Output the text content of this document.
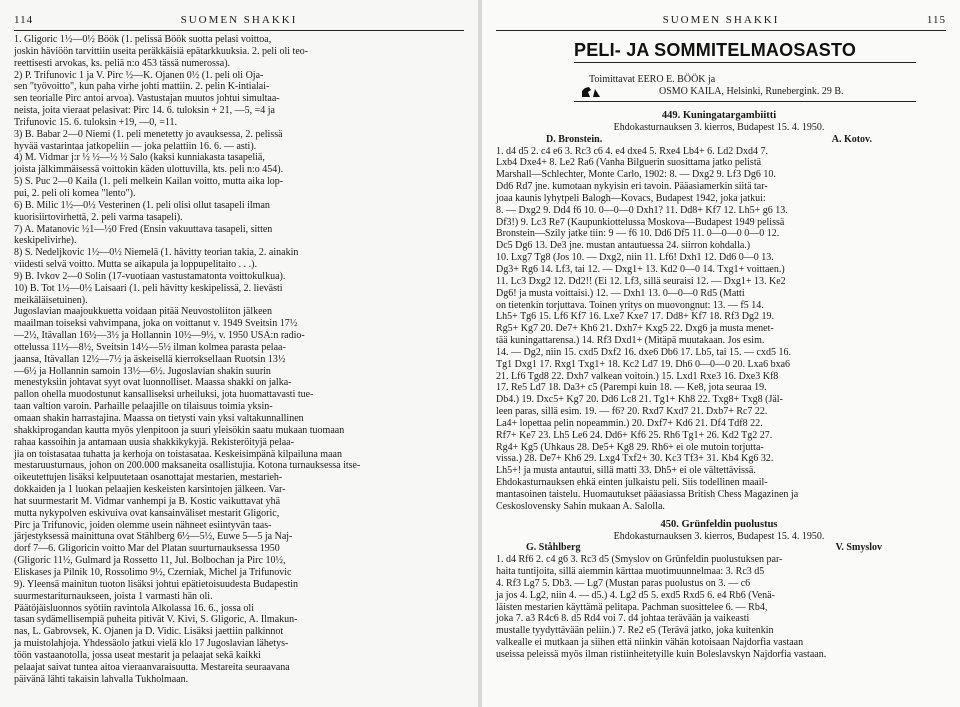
114	SUOMEN SHAKKI

1. Gligoric 1½—0½ Böök (1. pelissä Böök suotta pelasi voittoa,

joskin häviöön tarvittiin useita peräkkäisiä epätarkkuuksia. 2. peli oli teo-

reettisesti arvokas, ks. peliä n:o 453 tässä numerossa).

2) P. Trifunovic 1 ja V. Pirc ½—K. Ojanen 0½ (1. peli oli Oja-

sen "työvoitto", kun paha virhe johti mattiin. 2. pelin K-intialai-

sen teorialle Pirc antoi arvoa). Vastustajan muutos johtui simultaa-

neista, joita vieraat pelasivat: Pirc 14. 6. tuloksin + 21, —5, =4 ja

Trifunovic 15. 6. tuloksin +19, —0, =11.

3) B. Babar 2—0 Niemi (1. peli menetetty jo avauksessa, 2. pelissä

hyvää vastarintaa jatkopeliin — joka pelattiin 16. 6. — asti).

4) M. Vidmar j:r ½ ½—½ ½ Salo (kaksi kunniakasta tasapeliä,

joista jälkimmäisessä voittokin käden ulottuvilla, kts. peli n:o 454).

5) S. Puc 2—0 Kaila (1. peli melkein Kailan voitto, mutta aika lop-

pui, 2. peli oli komea "lento").

6) B. Milic 1½—0½ Vesterinen (1. peli olisi ollut tasapeli ilman

kuorisiirtovirhettä, 2. peli varma tasapeli).

7) A. Matanovic ½1—½0 Fred (Ensin vakuuttava tasapeli, sitten

keskipelivirhe).

8) S. Nedeljkovic 1½—0½ Niemelä (1. hävitty teorian takia, 2. ainakin

viidesti selvä voitto. Mutta se aikapula ja loppupelitaito . . .).

9) B. Ivkov 2—0 Solin (17-vuotiaan vastustamatonta voittokulkua).

10) B. Tot 1½—0½ Laisaari (1. peli hävitty keskipelissä, 2. lievästi

meikäläisetuinen).

Jugoslavian maajoukkuetta voidaan pitää Neuvostoliiton jälkeen

maailman toiseksi vahvimpana, joka on voittanut v. 1949 Sveitsin 17½

—2½, Itävallan 16½—3½ ja Hollannin 10½—9½, v. 1950 USA:n radio-

ottelussa 11½—8½, Sveitsin 14½—5½ ilman kolmea parasta pelaa-

jaansa, Itävallan 12½—7½ ja äskeisellä kierroksellaan Ruotsin 13½

—6½ ja Hollannin samoin 13½—6½. Jugoslavian shakin suurin

menestyksiin johtavat syyt ovat luonnolliset. Maassa shakki on jalka-

pallon ohella muodostunut kansalliseksi urheiluksi, jota huomattavasti tue-

taan valtion varoin. Parhaille pelaajille on tilaisuus toimia yksin-

omaan shakin harrastajina. Maassa on tietysti vain yksi valtakunnallinen

shakkiprogandan kautta myös ylenpitoon ja suuri yleisökin saatu mukaan tuomaan

rahaa kassoihin ja antamaan uusia shakkikykyjä. Rekisteröityjä pelaa-

jia on toistasataa tuhatta ja kerhoja on toistasataa. Keskeisimpänä kilpailuna maan

mestaruusturnaus, johon on 200.000 maksaneita osallistujia. Kotona turnauksessa itse-

oikeutettujen lisäksi kelpuutetaan osanottajat mestarien, mestarieh-

dokkaiden ja 1 luokan pelaajien keskeisten karsintojen jälkeen. Var-

hat suurmestarit M. Vidmar vanhempi ja B. Kostic vaikuttavat yhä

mutta nykypolven eskivuiva ovat kansainväliset mestarit Gligoric,

Pirc ja Trifunovic, joiden olemme usein nähneet esiintyvän taas-

järjestyksessä mainittuna ovat Stählberg 6½—5½, Euwe 5—5 ja Naj-

dorf 7—6. Gligoricin voitto Mar del Platan suurturnauksessa 1950

(Gligoric 11½, Gulmard ja Rossetto 11, Jul. Bolbochan ja Pirc 10½,

Eliskases ja Pilnik 10, Rossolimo 9½, Czerniak, Michel ja Trifunovic

9). Yleensä mainitun tuoton lisäksi johtui epätietoisuudesta Budapestin

suurmestariturnaukseen, joista 1 varmasti hän oli.

Päätöjäisluonnos syötiin ravintola Alkolassa 16. 6., jossa oli

tasan sydämellisempiä puheita pitivät V. Kivi, S. Gligoric, A. Ilmakun-

nas, L. Gabrovsek, K. Ojanen ja D. Vidic. Lisäksi jaettiin palkinnot

ja muistolahjoja. Yhdessäolo jatkui vielä klo 17 Jugoslavian lähetys-

töön vastaanotolla, jossa useat mestarit ja pelaajat sekä kaikki

pelaajat saivat tuntea aitoa vieraanvaraisuutta. Mestareita seuraavana

päivänä lähti takaisin lahvalla Tukholmaan.

SUOMEN SHAKKI	115
PELI- JA SOMMITELMAOSASTO
Toimittavat EERO E. BÖÖK ja
OSMO KAILA, Helsinki, Runebergink. 29 B.

449. Kuningatargambiitti

Ehdokasturnauksen 3. kierros, Budapest 15. 4. 1950.

D. Bronstein.	A. Kotov.

1. d4 d5 2. c4 e6 3. Rc3 c6 4. e4 dxe4 5. Rxe4 Lb4+ 6. Ld2 Dxd4 7.

Lxb4 Dxe4+ 8. Le2 Ra6 (Vanha Bilguerin suosittama jatko pelistä

Marshall—Schlechter, Monte Carlo, 1902: 8. — Dxg2 9. Lf3 Dg6 10.

Dd6 Rd7 jne. kumotaan nykyisin eri tavoin. Pääasiamerkin siitä tar-

joaa kaunis lyhytpeli Balogh—Kovacs, Budapest 1942, joka jatkui:

8. — Dxg2 9. Dd4 f6 10. 0—0—0 Dxh1? 11. Dd8+ Kf7 12. Lh5+ g6 13.

Df3!) 9. Lc3 Re7 (Kaupunkiottelussa Moskova—Budapest 1949 pelissä

Bronstein—Szily jatke tiin: 9 — f6 10. Dd6 Df5 11. 0—0—0 0—0 12.

Dc5 Dg6 13. De3 jne. mustan antautuessa 24. siirron kohdalla.)

10. Lxg7 Tg8 (Jos 10. — Dxg2, niin 11. Lf6! Dxh1 12. Dd6 0—0 13.

Dg3+ Rg6 14. Lf3, tai 12. — Dxg1+ 13. Kd2 0—0 14. Txg1+ voittaen.)

11. Lc3 Dxg2 12. Dd2!! (Ei 12. Lf3, sillä seuraisi 12. — Dxg1+ 13. Ke2

Dg6! ja musta voittaisi.) 12. — Dxh1 13. 0—0—0 Rd5 (Matti

on tietenkin torjuttava. Toinen yritys on muovongnut: 13. — f5 14.

Lh5+ Tg6 15. Lf6 Kf7 16. Lxe7 Kxe7 17. Dd8+ Kf7 18. Rf3 Dg2 19.

Rg5+ Kg7 20. De7+ Kh6 21. Dxh7+ Kxg5 22. Dxg6 ja musta menet-

tää kuningattarensa.) 14. Rf3 Dxd1+ (Mitäpä muutakaan. Jos esim.

14. — Dg2, niin 15. cxd5 Dxf2 16. dxe6 Db6 17. Lb5, tai 15. — cxd5 16.

Tg1 Dxg1 17. Rxg1 Txg1+ 18. Kc2 Ld7 19. Dh6 0—0—0 20. Lxa6 bxa6

21. Lf6 Tgd8 22. Dxh7 valkean voitoin.) 15. Lxd1 Rxe3 16. Dxe3 Kf8

17. Re5 Ld7 18. Da3+ c5 (Parempi kuin 18. — Ke8, jota seuraa 19.

Db4.) 19. Dxc5+ Kg7 20. Dd6 Lc8 21. Tg1+ Kh8 22. Txg8+ Txg8 (Jäl-

leen paras, sillä esim. 19. — f6? 20. Rxd7 Kxd7 21. Dxb7+ Rc7 22.

La4+ lopettaa pelin nopeammin.) 20. Dxf7+ Kd6 21. Df4 Tdf8 22.

Rf7+ Ke7 23. Lh5 Le6 24. Dd6+ Kf6 25. Rh6 Tg1+ 26. Kd2 Tg2 27.

Rg4+ Kg5 (Uhkaus 28. De5+ Kg8 29. Rh6+ ei ole mutoin torjutta-

vissa.) 28. De7+ Kh6 29. Lxg4 Txf2+ 30. Kc3 Tf3+ 31. Kb4 Kg6 32.

Lh5+! ja musta antautui, sillä matti 33. Dh5+ ei ole vältettävissä.

Ehdokasturnauksen ehkä einten julkaistu peli. Siis todellinen maail-

mantasoinen taistelu. Huomautukset pääasiassa British Chess Magazinen ja

Ceskoslovensky Sahin mukaan A. Salolla.

450. Grünfeldin puolustus

Ehdokasturnauksen 3. kierros, Budapest 15. 4. 1950.

G. Ståhlberg	V. Smyslov

1. d4 Rf6 2. c4 g6 3. Rc3 d5 (Smyslov on Grünfeldin puolustuksen par-

haita tuntijoita, sillä aiemmin kärttaa muotimuunnelmaa: 3. Rc3 d5

4. Rf3 Lg7 5. Db3. — Lg7 (Mustan paras puolustus on 3. — c6

ja jos 4. Lg2, niin 4. — d5.) 4. Lg2 d5 5. exd5 Rxd5 6. e4 Rb6 (Venä-

läisten mestarien käyttämä pelitapa. Pachman suosittelee 6. — Rb4,

joka 7. a3 R4c6 8. d5 Rd4 voi 7. d4 johtaa terävään ja vaikeasti

mustalle tyydyttävään peliin.) 7. Re2 e5 (Terävä jatko, joka kuitenkin

valkealle ei mutkaan ja siihen että niinkin vähän kotoisaan Najdorfia vastaan

useissa peleissä myös ilman ristiinheitetyille kuin Boleslavskyn Najdorfia vastaan.
